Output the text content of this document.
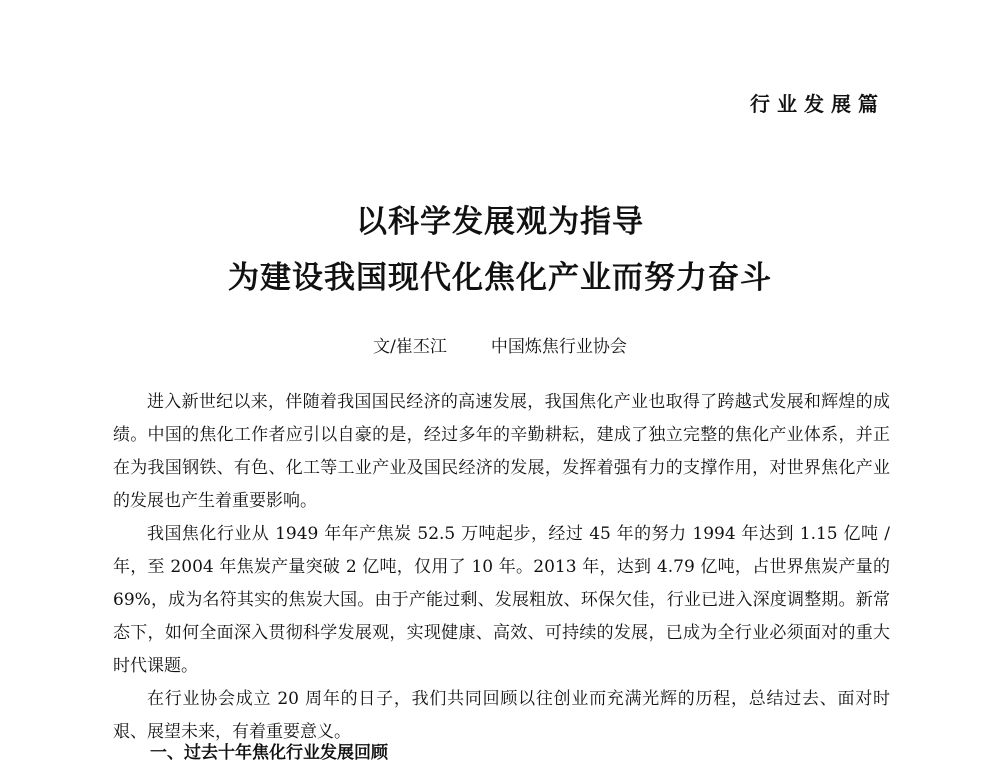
行业发展篇
以科学发展观为指导
为建设我国现代化焦化产业而努力奋斗
文/崔丕江	中国炼焦行业协会

进入新世纪以来，伴随着我国国民经济的高速发展，我国焦化产业也取得了跨越式发展和辉煌的成绩。中国的焦化工作者应引以自豪的是，经过多年的辛勤耕耘，建成了独立完整的焦化产业体系，并正在为我国钢铁、有色、化工等工业产业及国民经济的发展，发挥着强有力的支撑作用，对世界焦化产业的发展也产生着重要影响。

我国焦化行业从 1949 年年产焦炭 52.5 万吨起步，经过 45 年的努力 1994 年达到 1.15 亿吨 / 年，至 2004 年焦炭产量突破 2 亿吨，仅用了 10 年。2013 年，达到 4.79 亿吨，占世界焦炭产量的 69%，成为名符其实的焦炭大国。由于产能过剩、发展粗放、环保欠佳，行业已进入深度调整期。新常态下，如何全面深入贯彻科学发展观，实现健康、高效、可持续的发展，已成为全行业必须面对的重大时代课题。

在行业协会成立 20 周年的日子，我们共同回顾以往创业而充满光辉的历程，总结过去、面对时艰、展望未来，有着重要意义。

一、过去十年焦化行业发展回顾
